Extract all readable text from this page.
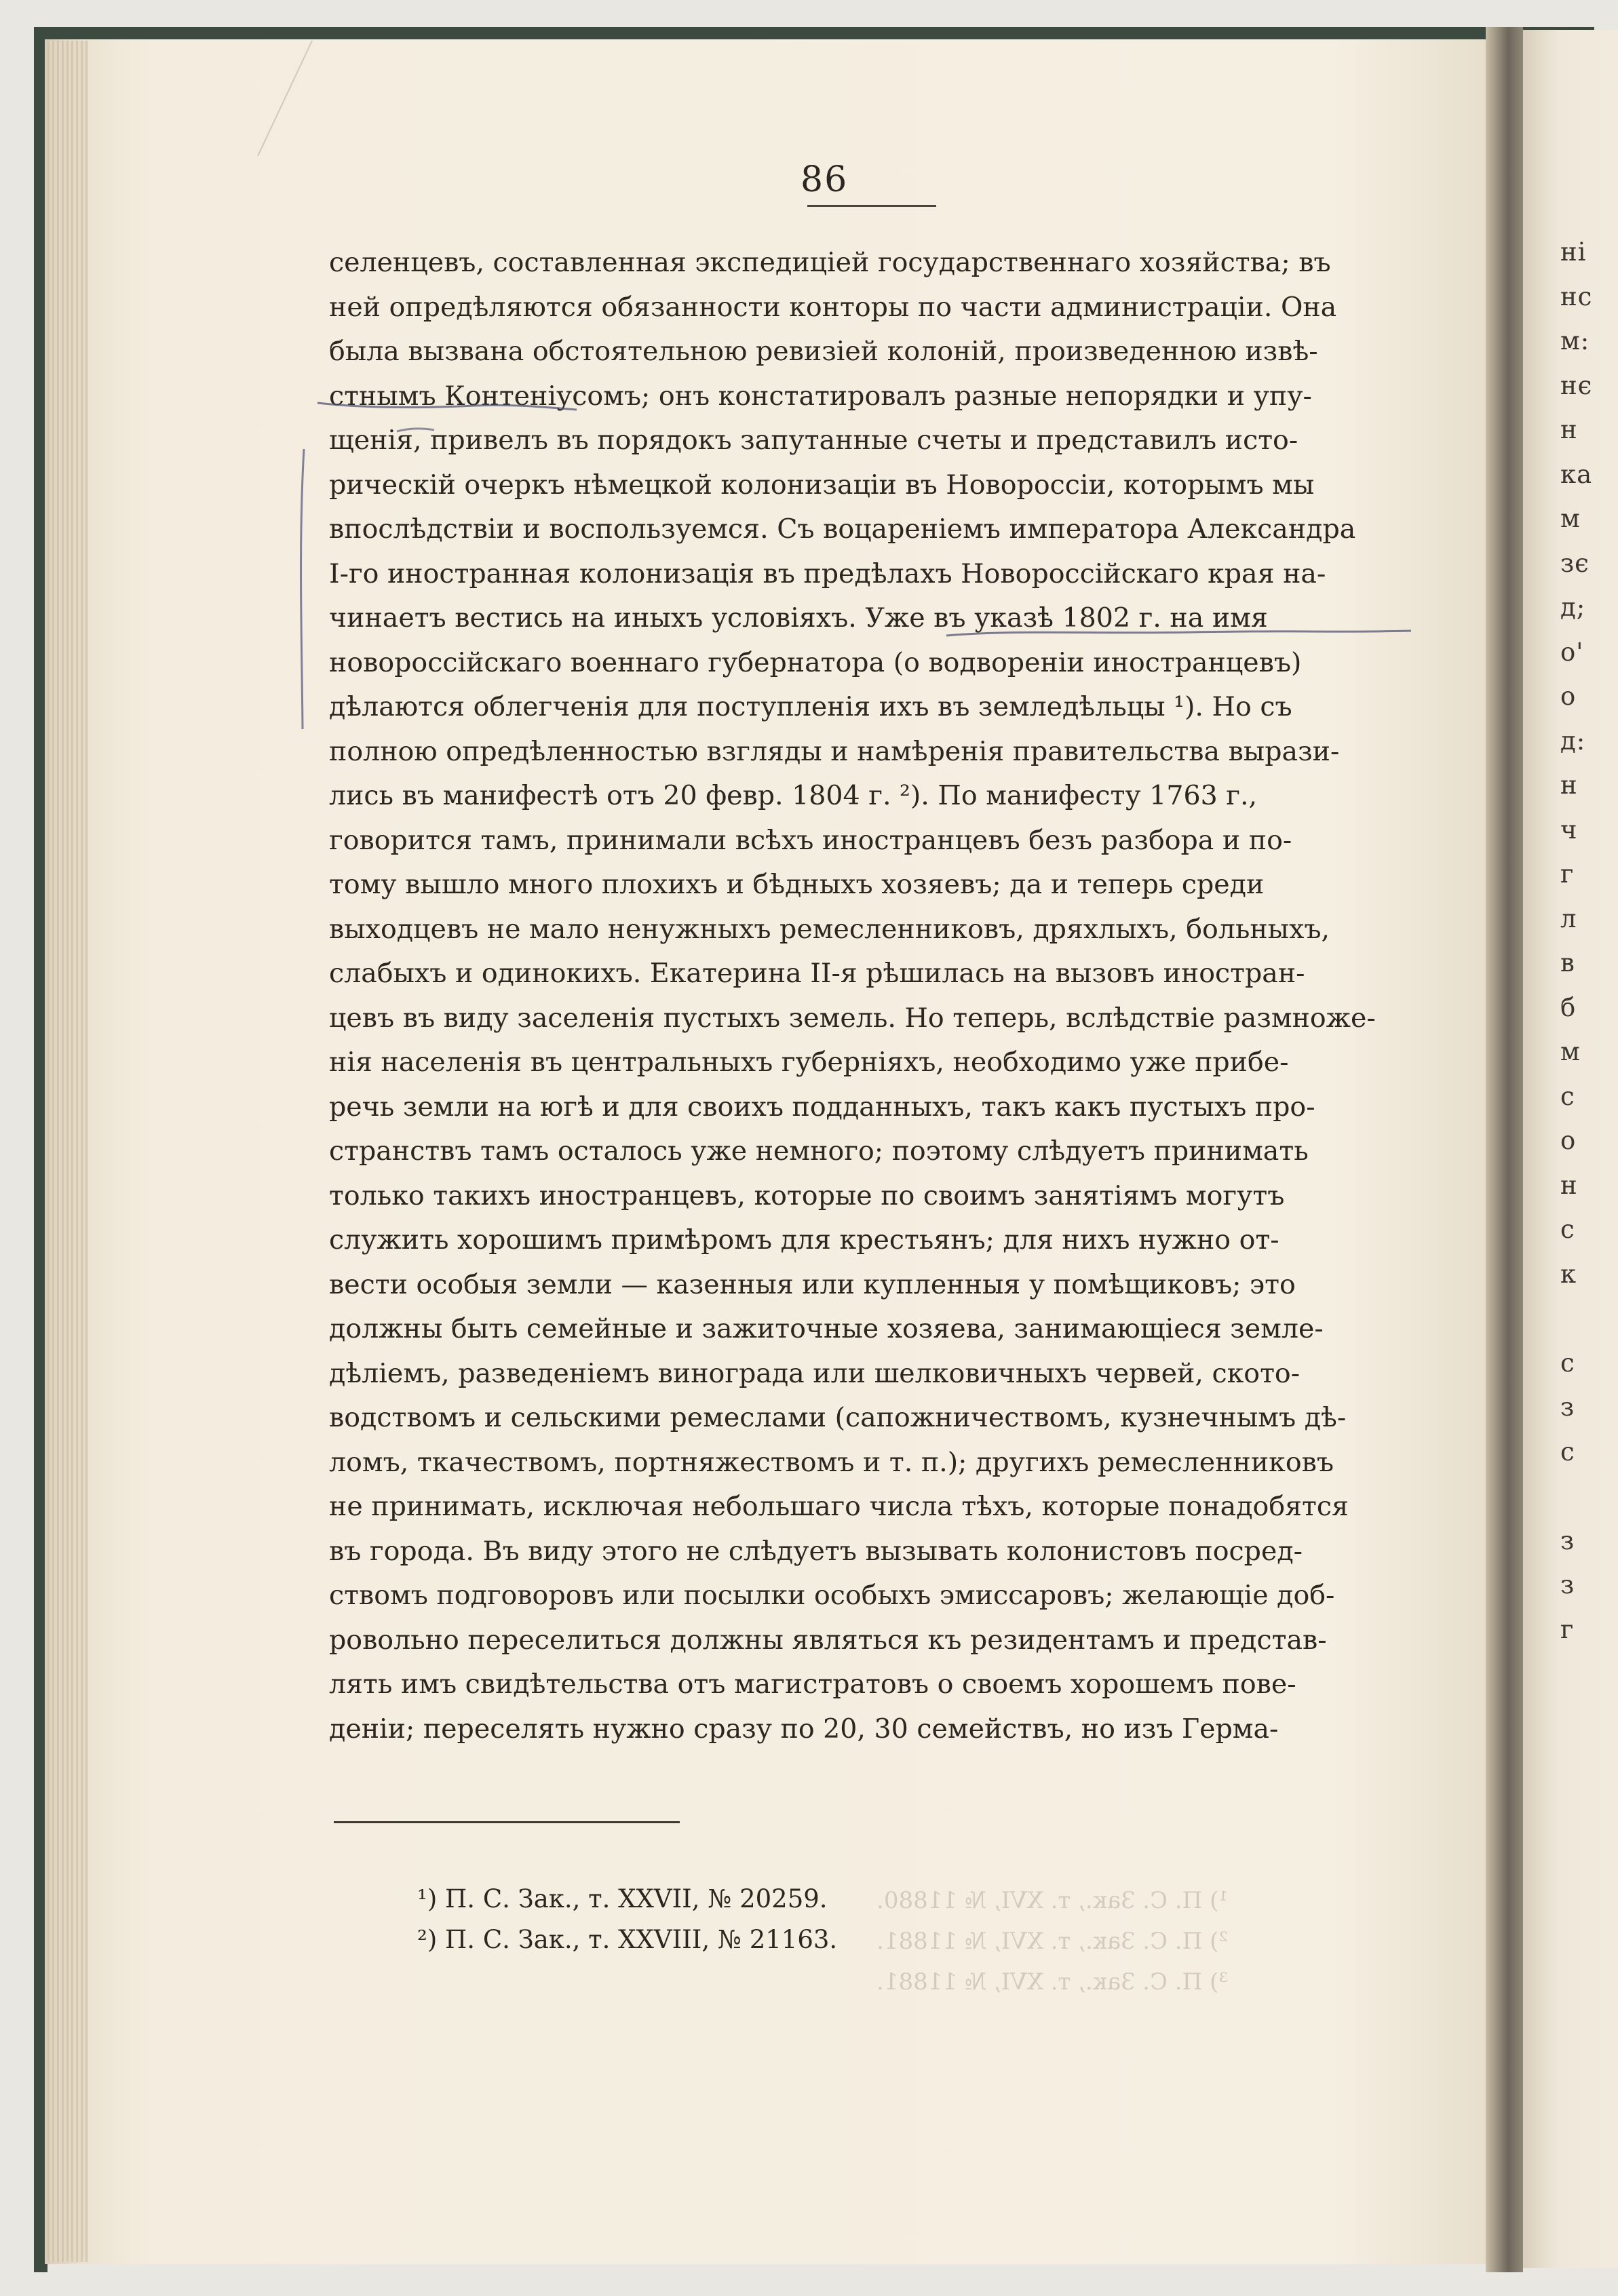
нi
нс
м:
нє
н
ка
м
зє
д;
о'
о
д:
н
ч
г
л
в
б
м
с
о
н
с
к
с
з
с
з
з
г
86
селенцевъ, составленная экспедиціей государственнаго хозяйства; въ
ней опредѣляются обязанности конторы по части администраціи. Она
была вызвана обстоятельною ревизіей колоній, произведенною извѣ-
стнымъ Контеніусомъ; онъ констатировалъ разные непорядки и упу-
щенія, привелъ въ порядокъ запутанные счеты и представилъ исто-
рическій очеркъ нѣмецкой колонизаціи въ Новороссіи, которымъ мы
впослѣдствіи и воспользуемся. Съ воцареніемъ императора Александра
I-го иностранная колонизація въ предѣлахъ Новороссійскаго края на-
чинаетъ вестись на иныхъ условіяхъ. Уже въ указѣ 1802 г. на имя
новороссійскаго военнаго губернатора (о водвореніи иностранцевъ)
дѣлаются облегченія для поступленія ихъ въ земледѣльцы ¹). Но съ
полною опредѣленностью взгляды и намѣренія правительства вырази-
лись въ манифестѣ отъ 20 февр. 1804 г. ²). По манифесту 1763 г.,
говорится тамъ, принимали всѣхъ иностранцевъ безъ разбора и по-
тому вышло много плохихъ и бѣдныхъ хозяевъ; да и теперь среди
выходцевъ не мало ненужныхъ ремесленниковъ, дряхлыхъ, больныхъ,
слабыхъ и одинокихъ. Екатерина II-я рѣшилась на вызовъ иностран-
цевъ въ виду заселенія пустыхъ земель. Но теперь, вслѣдствіе размноже-
нія населенія въ центральныхъ губерніяхъ, необходимо уже прибе-
речь земли на югѣ и для своихъ подданныхъ, такъ какъ пустыхъ про-
странствъ тамъ осталось уже немного; поэтому слѣдуетъ принимать
только такихъ иностранцевъ, которые по своимъ занятіямъ могутъ
служить хорошимъ примѣромъ для крестьянъ; для нихъ нужно от-
вести особыя земли — казенныя или купленныя у помѣщиковъ; это
должны быть семейные и зажиточные хозяева, занимающіеся земле-
дѣліемъ, разведеніемъ винограда или шелковичныхъ червей, ското-
водствомъ и сельскими ремеслами (сапожничествомъ, кузнечнымъ дѣ-
ломъ, ткачествомъ, портняжествомъ и т. п.); другихъ ремесленниковъ
не принимать, исключая небольшаго числа тѣхъ, которые понадобятся
въ города. Въ виду этого не слѣдуетъ вызывать колонистовъ посред-
ствомъ подговоровъ или посылки особыхъ эмиссаровъ; желающіе доб-
ровольно переселиться должны являться къ резидентамъ и представ-
лять имъ свидѣтельства отъ магистратовъ о своемъ хорошемъ пове-
деніи; переселять нужно сразу по 20, 30 семействъ, но изъ Герма-
¹) П. С. Зак., т. XXVII, № 20259.
²) П. С. Зак., т. XXVIII, № 21163.
¹) П. С. Зак., т. XVI, № 11880.
²) П. С. Зак., т. XVI, № 11881.
³) П. С. Зак., т. XVI, № 11881.
